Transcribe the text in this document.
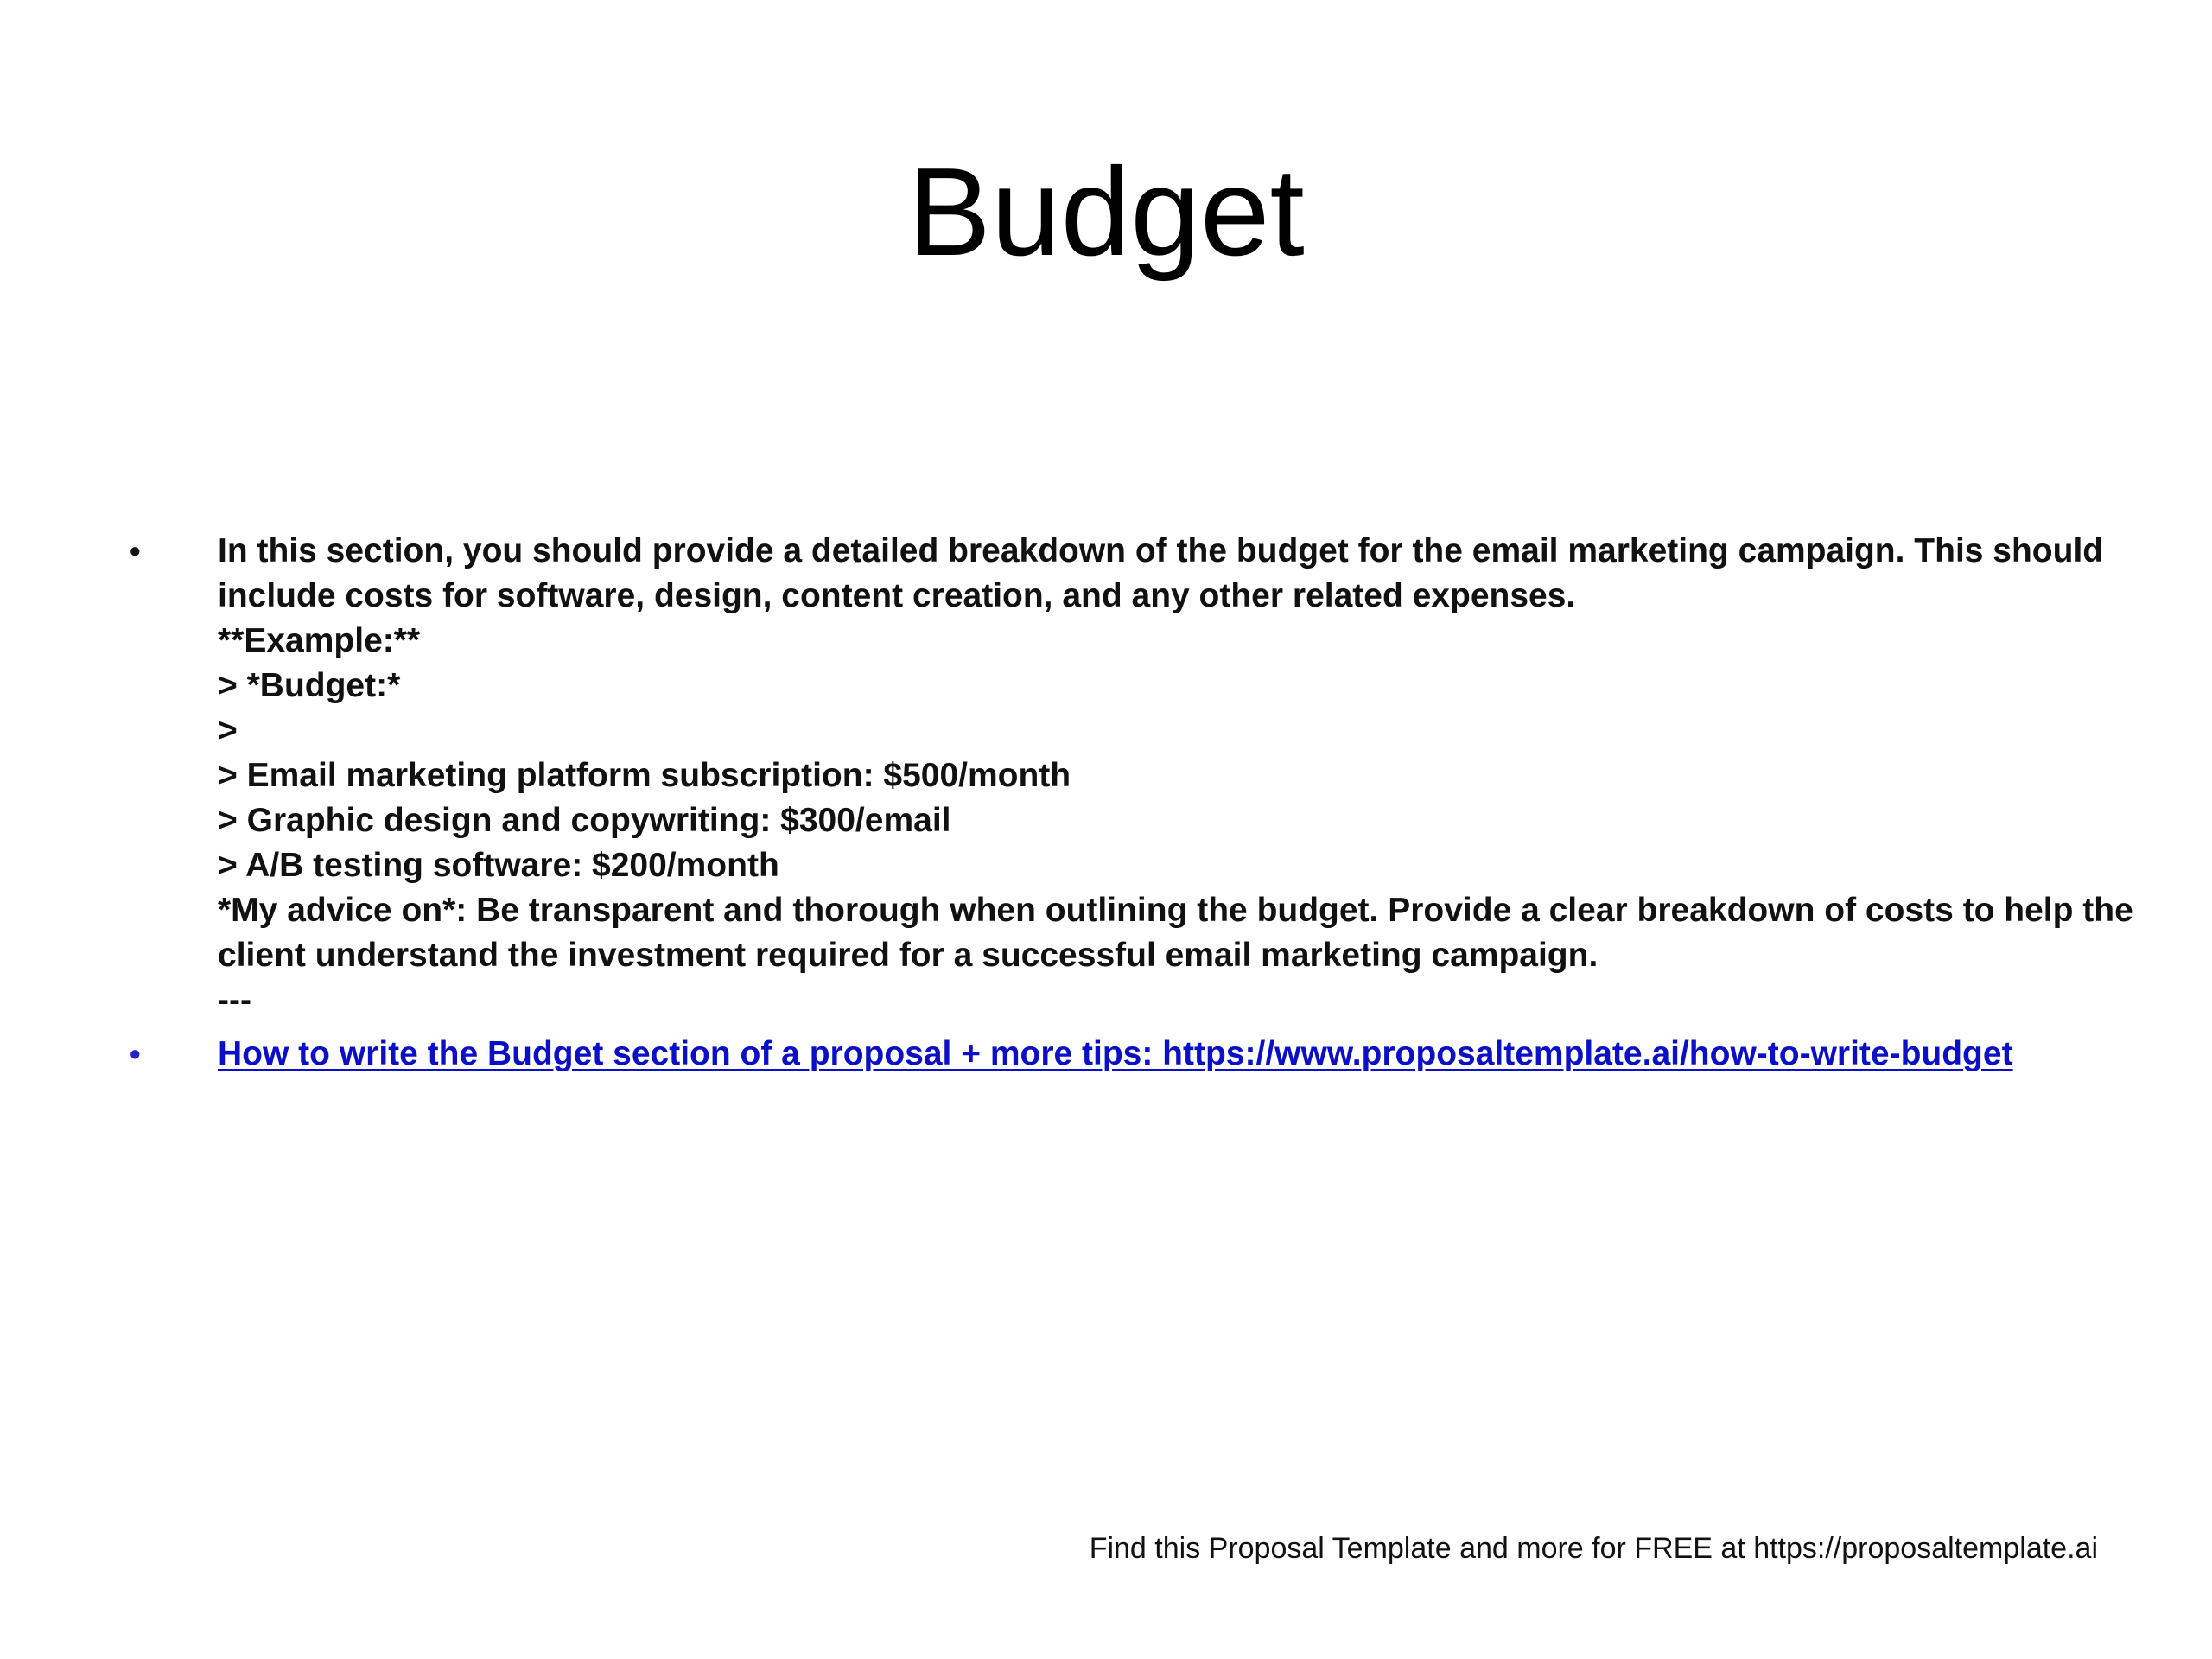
Budget
•	In this section, you should provide a detailed breakdown of the budget for the email marketing campaign. This should
include costs for software, design, content creation, and any other related expenses.
**Example:**
> *Budget:*
>
> Email marketing platform subscription: $500/month
> Graphic design and copywriting: $300/email
> A/B testing software: $200/month
*My advice on*: Be transparent and thorough when outlining the budget. Provide a clear breakdown of costs to help the
client understand the investment required for a successful email marketing campaign.
---
•	How to write the Budget section of a proposal + more tips: https://www.proposaltemplate.ai/how-to-write-budget
Find this Proposal Template and more for FREE at https://proposaltemplate.ai
